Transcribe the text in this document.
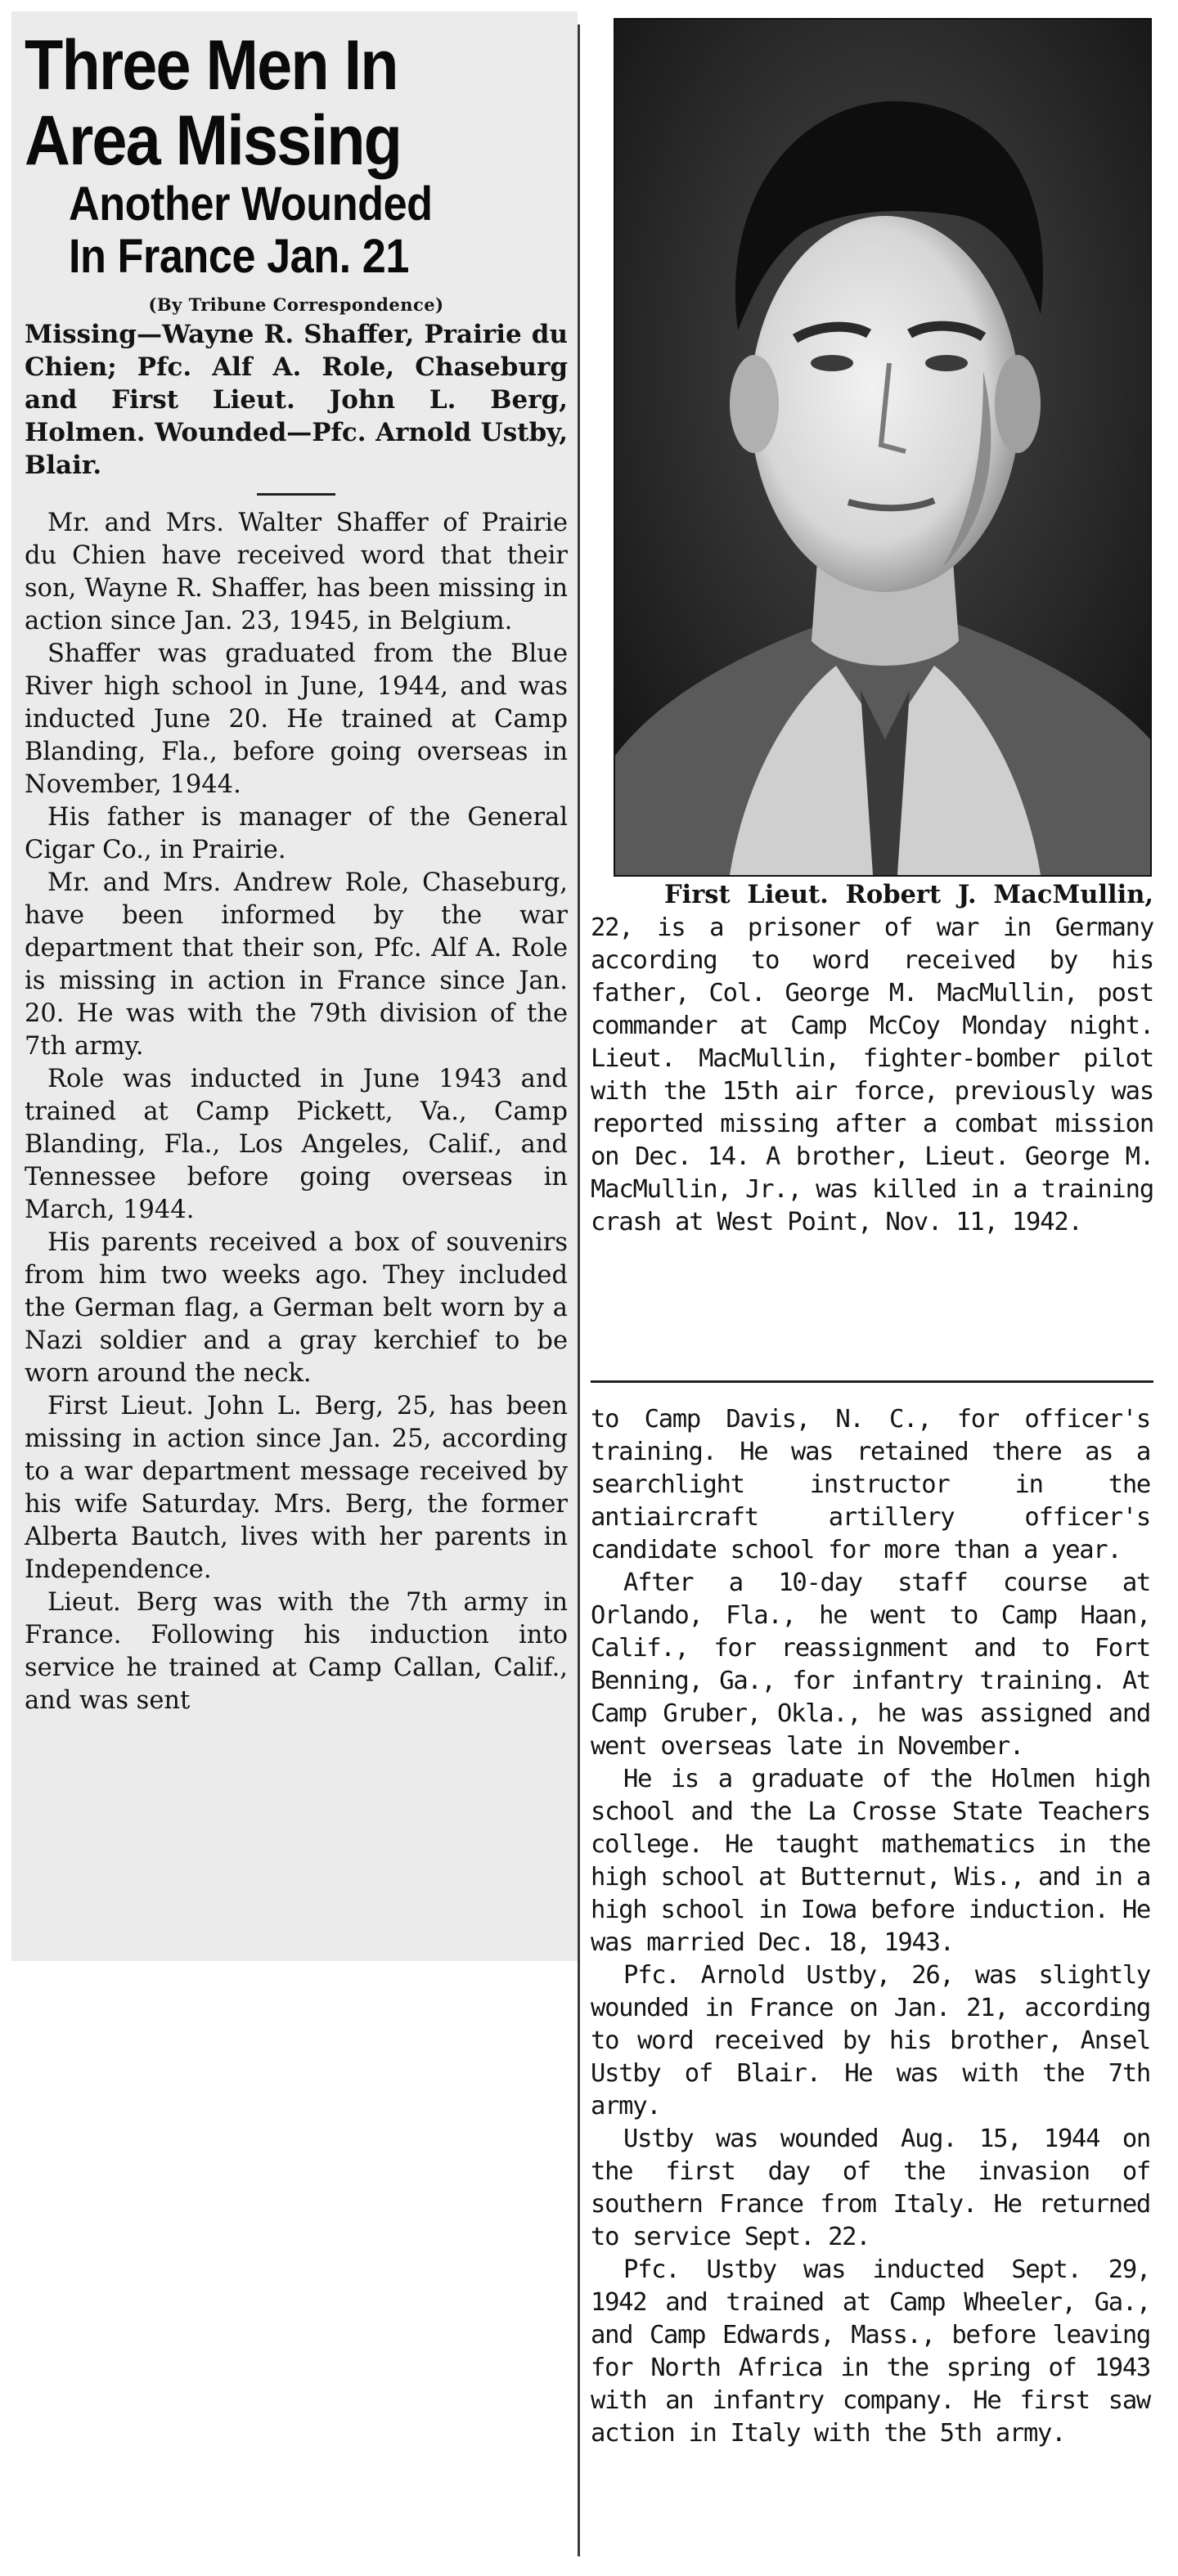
Three Men In
Area Missing
Another Wounded
In France Jan. 21
(By Tribune Correspondence)

Missing—Wayne R. Shaffer, Prairie du Chien; Pfc. Alf A. Role, Chaseburg and First Lieut. John L. Berg, Holmen. Wounded—Pfc. Arnold Ustby, Blair.

Mr. and Mrs. Walter Shaffer of Prairie du Chien have received word that their son, Wayne R. Shaffer, has been missing in action since Jan. 23, 1945, in Belgium.

Shaffer was graduated from the Blue River high school in June, 1944, and was inducted June 20. He trained at Camp Blanding, Fla., before going overseas in November, 1944.

His father is manager of the General Cigar Co., in Prairie.

Mr. and Mrs. Andrew Role, Chaseburg, have been informed by the war department that their son, Pfc. Alf A. Role is missing in action in France since Jan. 20. He was with the 79th division of the 7th army.

Role was inducted in June 1943 and trained at Camp Pickett, Va., Camp Blanding, Fla., Los Angeles, Calif., and Tennessee before going overseas in March, 1944.

His parents received a box of souvenirs from him two weeks ago. They included the German flag, a German belt worn by a Nazi soldier and a gray kerchief to be worn around the neck.

First Lieut. John L. Berg, 25, has been missing in action since Jan. 25, according to a war department message received by his wife Saturday. Mrs. Berg, the former Alberta Bautch, lives with her parents in Independence.

Lieut. Berg was with the 7th army in France. Following his induction into service he trained at Camp Callan, Calif., and was sent

First Lieut. Robert J. MacMullin, 22, is a prisoner of war in Germany according to word received by his father, Col. George M. MacMullin, post commander at Camp McCoy Monday night. Lieut. MacMullin, fighter-bomber pilot with the 15th air force, previously was reported missing after a combat mission on Dec. 14. A brother, Lieut. George M. MacMullin, Jr., was killed in a training crash at West Point, Nov. 11, 1942.

to Camp Davis, N. C., for officer's training. He was retained there as a searchlight instructor in the antiaircraft artillery officer's candidate school for more than a year.

After a 10-day staff course at Orlando, Fla., he went to Camp Haan, Calif., for reassignment and to Fort Benning, Ga., for infantry training. At Camp Gruber, Okla., he was assigned and went overseas late in November.

He is a graduate of the Holmen high school and the La Crosse State Teachers college. He taught mathematics in the high school at Butternut, Wis., and in a high school in Iowa before induction. He was married Dec. 18, 1943.

Pfc. Arnold Ustby, 26, was slightly wounded in France on Jan. 21, according to word received by his brother, Ansel Ustby of Blair. He was with the 7th army.

Ustby was wounded Aug. 15, 1944 on the first day of the invasion of southern France from Italy. He returned to service Sept. 22.

Pfc. Ustby was inducted Sept. 29, 1942 and trained at Camp Wheeler, Ga., and Camp Edwards, Mass., before leaving for North Africa in the spring of 1943 with an infantry company. He first saw action in Italy with the 5th army.
